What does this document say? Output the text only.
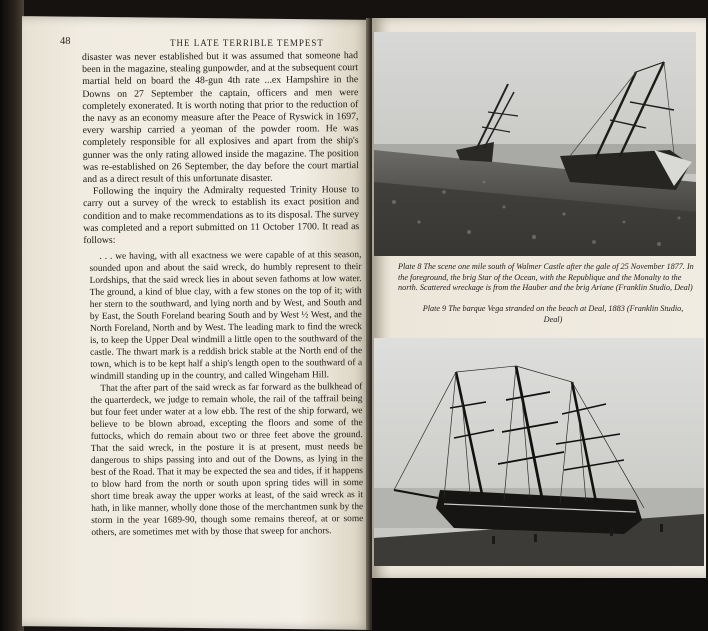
48	THE LATE TERRIBLE TEMPEST

disaster was never established but it was assumed that someone had been in the magazine, stealing gunpowder, and at the subsequent court martial held on board the 48-gun 4th rate ...ex Hampshire in the Downs on 27 September the captain, officers and men were completely exonerated. It is worth noting that prior to the reduction of the navy as an economy measure after the Peace of Ryswick in 1697, every warship carried a yeoman of the powder room. He was completely responsible for all explosives and apart from the ship's gunner was the only rating allowed inside the magazine. The position was re-established on 26 September, the day before the court martial and as a direct result of this unfortunate disaster.

Following the inquiry the Admiralty requested Trinity House to carry out a survey of the wreck to establish its exact position and condition and to make recommendations as to its disposal. The survey was completed and a report submitted on 11 October 1700. It read as follows:

. . . we having, with all exactness we were capable of at this season, sounded upon and about the said wreck, do humbly represent to their Lordships, that the said wreck lies in about seven fathoms at low water. The ground, a kind of blue clay, with a few stones on the top of it; with her stern to the southward, and lying north and by West, and South and by East, the South Foreland bearing South and by West ½ West, and the North Foreland, North and by West. The leading mark to find the wreck is, to keep the Upper Deal windmill a little open to the southward of the castle. The thwart mark is a reddish brick stable at the North end of the town, which is to be kept half a ship's length open to the southward of a windmill standing up in the country, and called Wingeham Hill.

That the after part of the said wreck as far forward as the bulkhead of the quarterdeck, we judge to remain whole, the rail of the taffrail being but four feet under water at a low ebb. The rest of the ship forward, we believe to be blown abroad, excepting the floors and some of the futtocks, which do remain about two or three feet above the ground. That the said wreck, in the posture it is at present, must needs be dangerous to ships passing into and out of the Downs, as lying in the best of the Road. That it may be expected the sea and tides, if it happens to blow hard from the north or south upon spring tides will in some short time break away the upper works at least, of the said wreck as it hath, in like manner, wholly done those of the merchantmen sunk by the storm in the year 1689-90, though some remains thereof, at or some others, are sometimes met with by those that sweep for anchors.

Plate 8 The scene one mile south of Walmer Castle after the gale of 25 November 1877. In the foreground, the brig Star of the Ocean, with the Republique and the Monalty to the north. Scattered wreckage is from the Hauber and the brig Ariane (Franklin Studio, Deal)
Plate 9 The barque Vega stranded on the beach at Deal, 1883 (Franklin Studio, Deal)
